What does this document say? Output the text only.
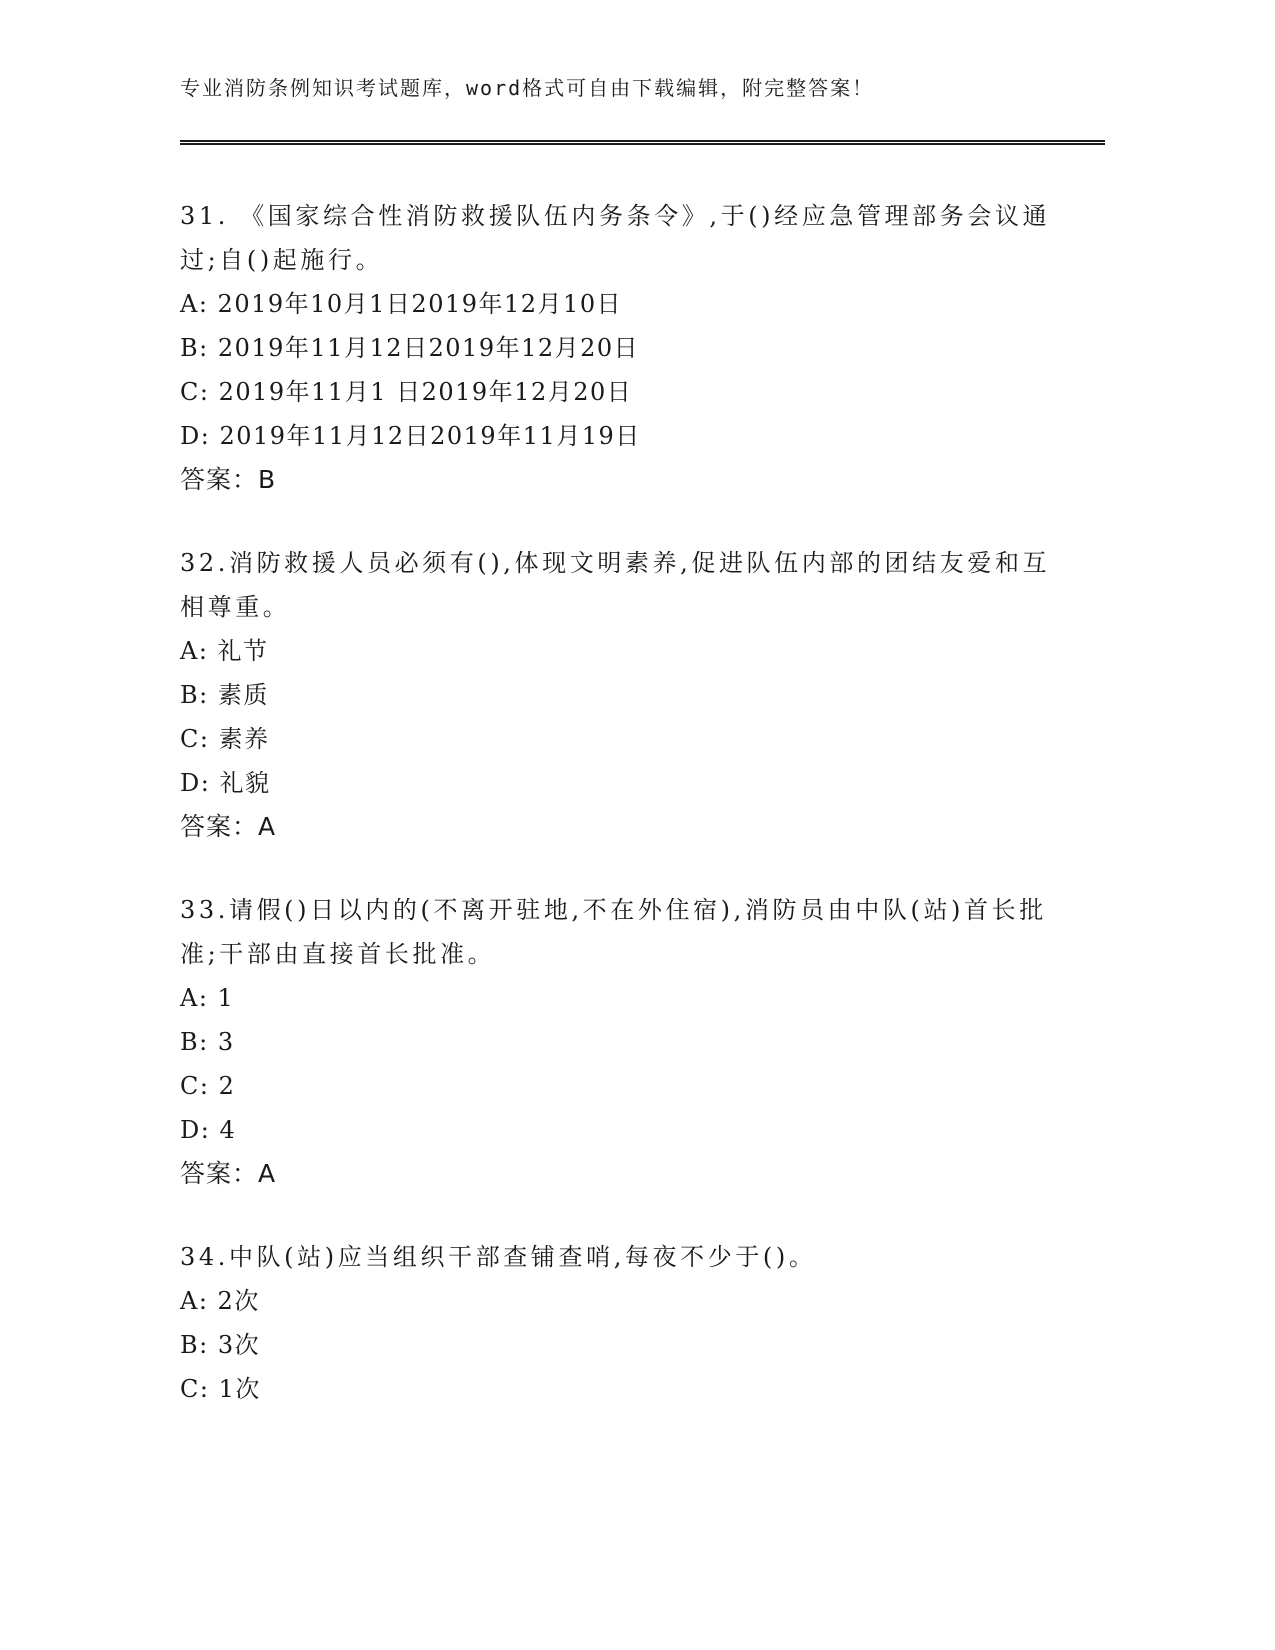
专业消防条例知识考试题库，word格式可自由下载编辑，附完整答案！

31. 《国家综合性消防救援队伍内务条令》,于()经应急管理部务会议通过;自()起施行。

A: 2019年10月1日2019年12月10日

B: 2019年11月12日2019年12月20日

C: 2019年11月1 日2019年12月20日

D: 2019年11月12日2019年11月19日

答案：B

32.消防救援人员必须有(),体现文明素养,促进队伍内部的团结友爱和互相尊重。

A: 礼节

B: 素质

C: 素养

D: 礼貌

答案：A

33.请假()日以内的(不离开驻地,不在外住宿),消防员由中队(站)首长批准;干部由直接首长批准。

A: 1

B: 3

C: 2

D: 4

答案：A

34.中队(站)应当组织干部查铺查哨,每夜不少于()。

A: 2次

B: 3次

C: 1次
